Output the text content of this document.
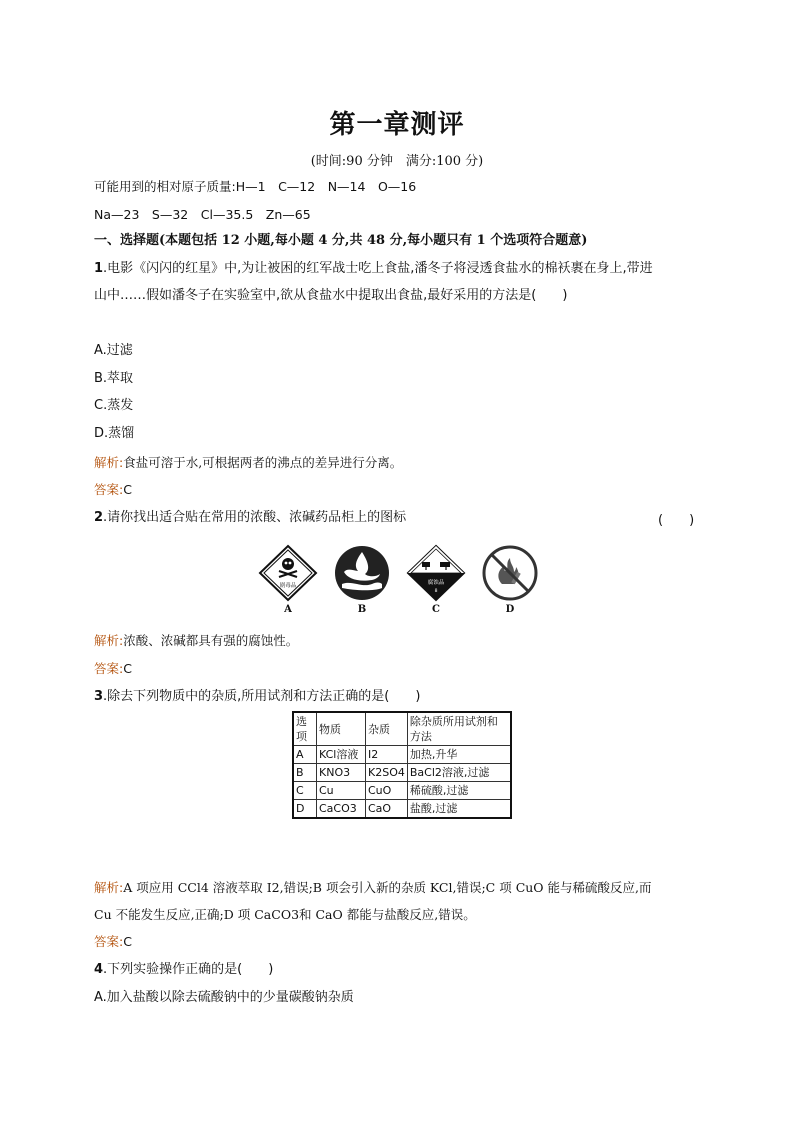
第一章测评
(时间:90 分钟　满分:100 分)
可能用到的相对原子质量:H—1　C—12　N—14　O—16
Na—23　S—32　Cl—35.5　Zn—65
一、选择题(本题包括 12 小题,每小题 4 分,共 48 分,每小题只有 1 个选项符合题意)
1.电影《闪闪的红星》中,为让被困的红军战士吃上食盐,潘冬子将浸透食盐水的棉袄裹在身上,带进
山中……假如潘冬子在实验室中,欲从食盐水中提取出食盐,最好采用的方法是(　　)
A.过滤
B.萃取
C.蒸发
D.蒸馏
解析:食盐可溶于水,可根据两者的沸点的差异进行分离。
答案:C
2.请你找出适合贴在常用的浓酸、浓碱药品柜上的图标	(　　)
剧毒品
A	B
腐蚀品
8
C	D
解析:浓酸、浓碱都具有强的腐蚀性。
答案:C
3.除去下列物质中的杂质,所用试剂和方法正确的是(　　)
选项	物质	杂质	除杂质所用试剂和方法
A	KCl溶液	I2	加热,升华
B	KNO3	K2SO4	BaCl2溶液,过滤
C	Cu	CuO	稀硫酸,过滤
D	CaCO3	CaO	盐酸,过滤
解析:A 项应用 CCl4 溶液萃取 I2,错误;B 项会引入新的杂质 KCl,错误;C 项 CuO 能与稀硫酸反应,而
Cu 不能发生反应,正确;D 项 CaCO3和 CaO 都能与盐酸反应,错误。
答案:C
4.下列实验操作正确的是(　　)
A.加入盐酸以除去硫酸钠中的少量碳酸钠杂质
